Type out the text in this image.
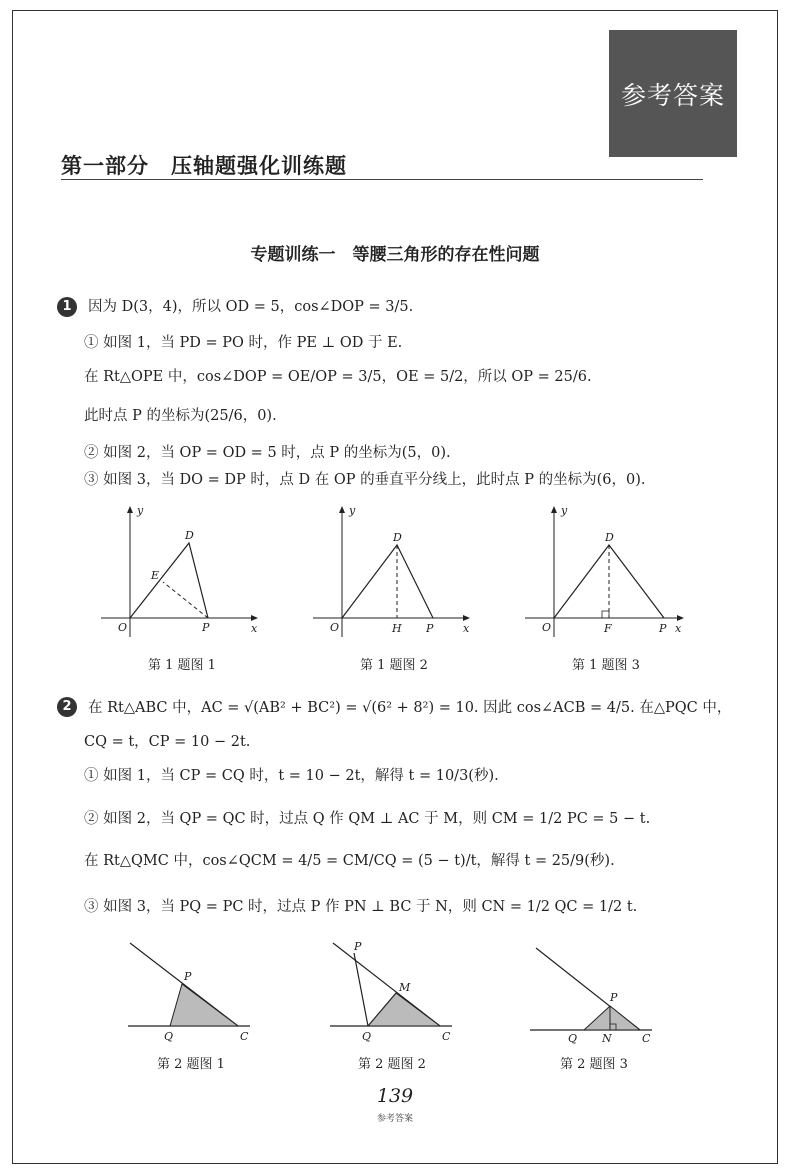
参考答案
第一部分　压轴题强化训练题
专题训练一　等腰三角形的存在性问题
1	因为 D(3，4)，所以 OD = 5，cos∠DOP = 3/5.
① 如图 1，当 PD = PO 时，作 PE ⊥ OD 于 E.
在 Rt△OPE 中，cos∠DOP = OE/OP = 3/5，OE = 5/2，所以 OP = 25/6.
此时点 P 的坐标为(25/6，0).
② 如图 2，当 OP = OD = 5 时，点 P 的坐标为(5，0).
③ 如图 3，当 DO = DP 时，点 D 在 OP 的垂直平分线上，此时点 P 的坐标为(6，0).
y
x
O
D
E
P
第 1 题图 1
y
x
O
D
H P
第 1 题图 2
y
x
O
D
F	P
第 1 题图 3
2	在 Rt△ABC 中，AC = √(AB² + BC²) = √(6² + 8²) = 10. 因此 cos∠ACB = 4/5. 在△PQC 中，
CQ = t，CP = 10 − 2t.
① 如图 1，当 CP = CQ 时，t = 10 − 2t，解得 t = 10/3(秒).
② 如图 2，当 QP = QC 时，过点 Q 作 QM ⊥ AC 于 M，则 CM = 1/2 PC = 5 − t.
在 Rt△QMC 中，cos∠QCM = 4/5 = CM/CQ = (5 − t)/t，解得 t = 25/9(秒).
③ 如图 3，当 PQ = PC 时，过点 P 作 PN ⊥ BC 于 N，则 CN = 1/2 QC = 1/2 t.
P
Q	C
第 2 题图 1
P
M
Q	C
第 2 题图 2
P
Q N	C
第 2 题图 3
139
参考答案
